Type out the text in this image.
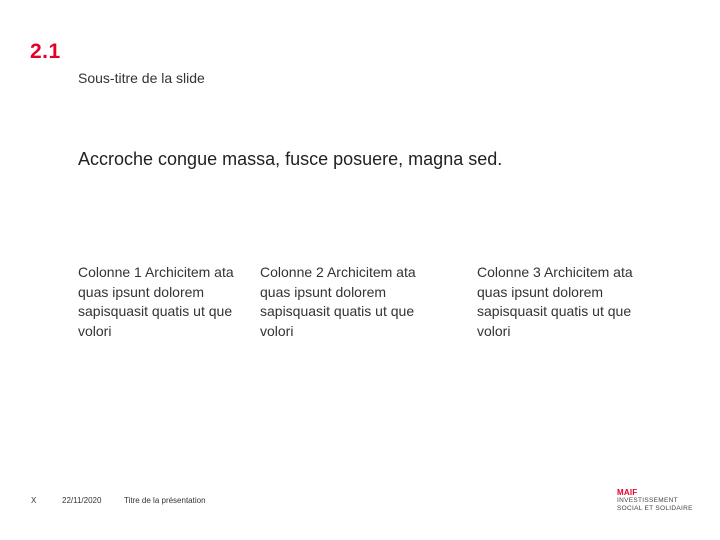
2.1
Sous-titre de la slide
Accroche congue massa, fusce posuere, magna sed.
Colonne 1 Archicitem ata quas ipsunt dolorem sapisquasit quatis ut que volori
Colonne 2 Archicitem ata quas ipsunt dolorem sapisquasit quatis ut que volori
Colonne 3 Archicitem ata quas ipsunt dolorem sapisquasit quatis ut que volori
X	22/11/2020	Titre de la présentation
MAIF
INVESTISSEMENT
SOCIAL ET SOLIDAIRE
